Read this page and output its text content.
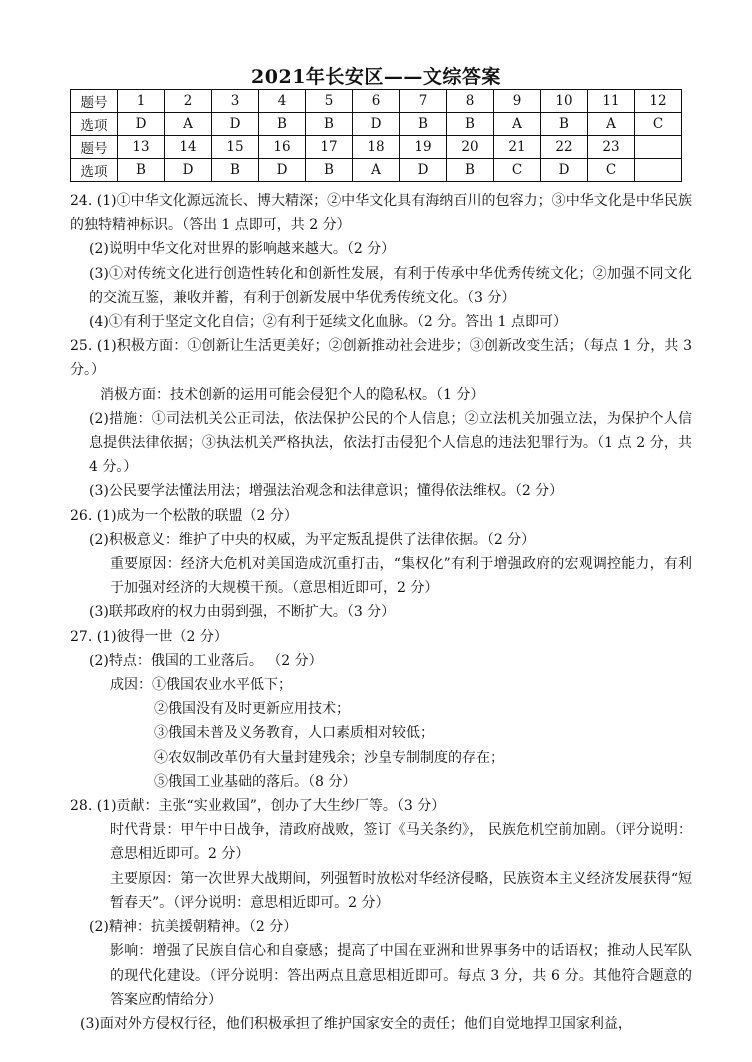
2021年长安区——文综答案
题号	1	2	3	4	5	6	7	8	9	10	11	12
选项	D	A	D	B	B	D	B	B	A	B	A	C
题号	13	14	15	16	17	18	19	20	21	22	23	
选项	B	D	B	D	B	A	D	B	C	D	C	

24. (1)①中华文化源远流长、博大精深；②中华文化具有海纳百川的包容力；③中华文化是中华民族的独特精神标识。（答出 1 点即可，共 2 分）

(2)说明中华文化对世界的影响越来越大。（2 分）

(3)①对传统文化进行创造性转化和创新性发展，有利于传承中华优秀传统文化；②加强不同文化的交流互鉴，兼收并蓄，有利于创新发展中华优秀传统文化。（3 分）

(4)①有利于坚定文化自信；②有利于延续文化血脉。（2 分。答出 1 点即可）

25. (1)积极方面：①创新让生活更美好；②创新推动社会进步；③创新改变生活；（每点 1 分，共 3 分。）

消极方面：技术创新的运用可能会侵犯个人的隐私权。（1 分）

(2)措施：①司法机关公正司法，依法保护公民的个人信息；②立法机关加强立法，为保护个人信息提供法律依据；③执法机关严格执法，依法打击侵犯个人信息的违法犯罪行为。（1 点 2 分，共 4 分。）

(3)公民要学法懂法用法；增强法治观念和法律意识；懂得依法维权。（2 分）

26. (1)成为一个松散的联盟（2 分）

(2)积极意义：维护了中央的权威，为平定叛乱提供了法律依据。（2 分）

重要原因：经济大危机对美国造成沉重打击，“集权化”有利于增强政府的宏观调控能力，有利于加强对经济的大规模干预。（意思相近即可，2 分）

(3)联邦政府的权力由弱到强，不断扩大。（3 分）

27. (1)彼得一世（2 分）

(2)特点：俄国的工业落后。 （2 分）

成因：①俄国农业水平低下；

②俄国没有及时更新应用技术；

③俄国未普及义务教育，人口素质相对较低；

④农奴制改革仍有大量封建残余；沙皇专制制度的存在；

⑤俄国工业基础的落后。（8 分）

28. (1)贡献：主张“实业救国”，创办了大生纱厂等。（3 分）

时代背景：甲午中日战争，清政府战败，签订《马关条约》， 民族危机空前加剧。（评分说明：意思相近即可。2 分）

主要原因：第一次世界大战期间，列强暂时放松对华经济侵略，民族资本主义经济发展获得“短暂春天”。（评分说明：意思相近即可。2 分）

(2)精神：抗美援朝精神。（2 分）

影响：增强了民族自信心和自豪感；提高了中国在亚洲和世界事务中的话语权；推动人民军队的现代化建设。（评分说明：答出两点且意思相近即可。每点 3 分，共 6 分。其他符合题意的答案应酌情给分）

(3)面对外方侵权行径，他们积极承担了维护国家安全的责任；他们自觉地捍卫国家利益，
